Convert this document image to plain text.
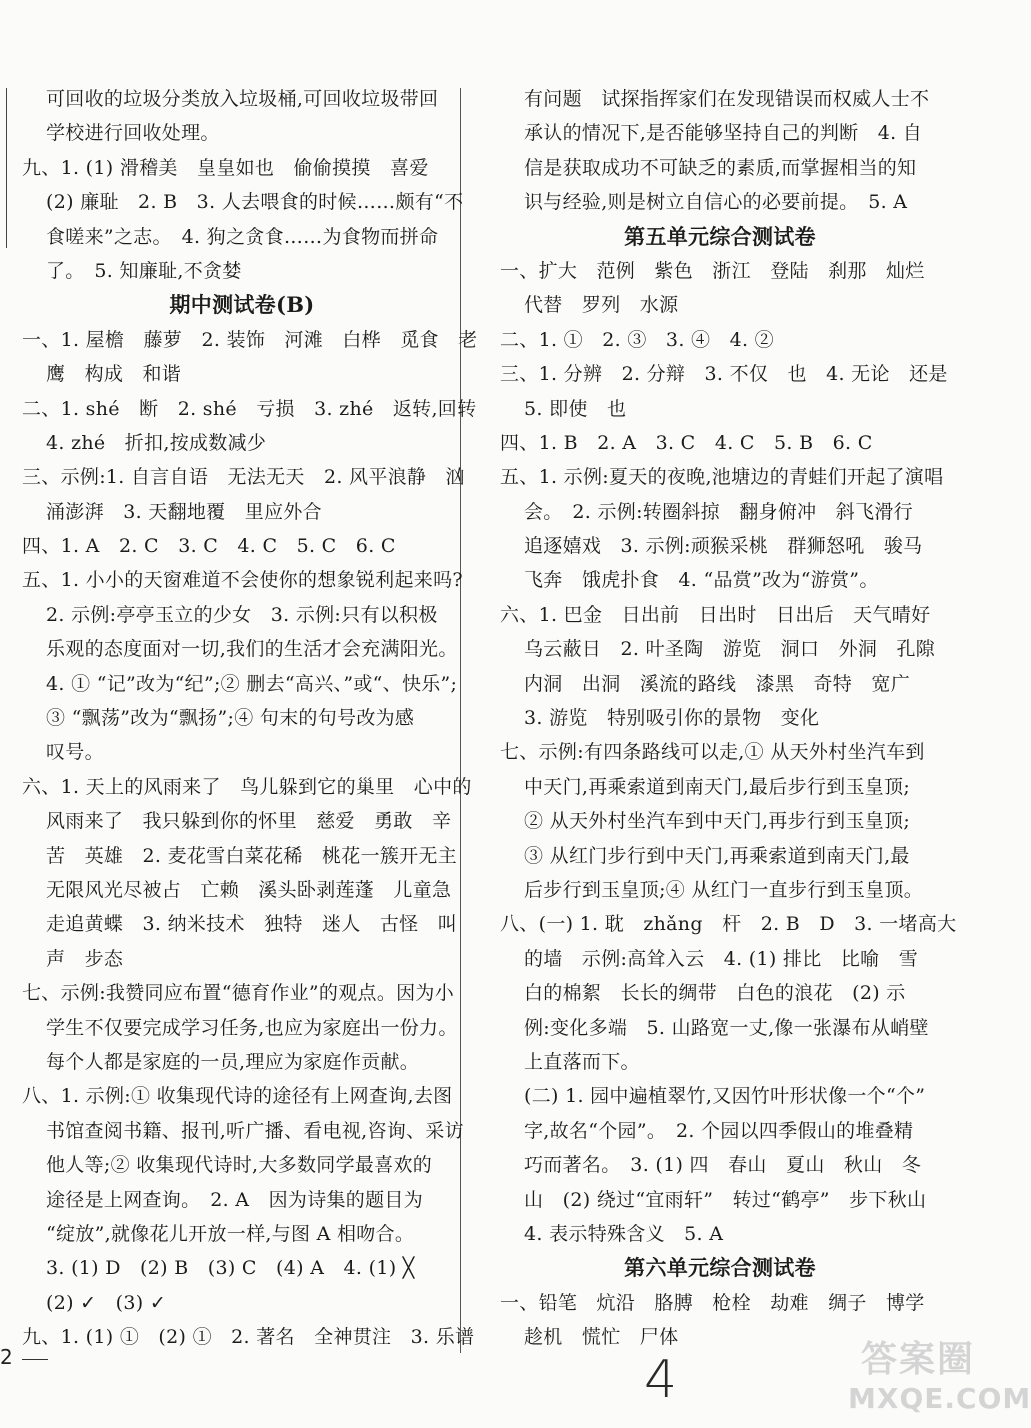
可回收的垃圾分类放入垃圾桶,可回收垃圾带回
学校进行回收处理。
九、1. (1) 滑稽美　皇皇如也　偷偷摸摸　喜爱
(2) 廉耻　2. B　3. 人去喂食的时候……颇有“不
食嗟来”之志。　4. 狗之贪食……为食物而拼命
了。　5. 知廉耻,不贪婪
期中测试卷(B)
一、1. 屋檐　藤萝　2. 装饰　河滩　白桦　觅食　老
鹰　构成　和谐
二、1. shé　断　2. shé　亏损　3. zhé　返转,回转
4. zhé　折扣,按成数减少
三、示例:1. 自言自语　无法无天　2. 风平浪静　汹
涌澎湃　3. 天翻地覆　里应外合
四、1. A　2. C　3. C　4. C　5. C　6. C
五、1. 小小的天窗难道不会使你的想象锐利起来吗?
2. 示例:亭亭玉立的少女　3. 示例:只有以积极
乐观的态度面对一切,我们的生活才会充满阳光。
4. ① “记”改为“纪”;② 删去“高兴、”或“、快乐”;
③ “飘荡”改为“飘扬”;④ 句末的句号改为感
叹号。
六、1. 天上的风雨来了　鸟儿躲到它的巢里　心中的
风雨来了　我只躲到你的怀里　慈爱　勇敢　辛
苦　英雄　2. 麦花雪白菜花稀　桃花一簇开无主
无限风光尽被占　亡赖　溪头卧剥莲蓬　儿童急
走追黄蝶　3. 纳米技术　独特　迷人　古怪　叫
声　步态
七、示例:我赞同应布置“德育作业”的观点。因为小
学生不仅要完成学习任务,也应为家庭出一份力。
每个人都是家庭的一员,理应为家庭作贡献。
八、1. 示例:① 收集现代诗的途径有上网查询,去图
书馆查阅书籍、报刊,听广播、看电视,咨询、采访
他人等;② 收集现代诗时,大多数同学最喜欢的
途径是上网查询。　2. A　因为诗集的题目为
“绽放”,就像花儿开放一样,与图 A 相吻合。
3. (1) D　(2) B　(3) C　(4) A　4. (1) ╳
(2) ✓　(3) ✓
九、1. (1) ①　(2) ①　2. 著名　全神贯注　3. 乐谱
有问题　试探指挥家们在发现错误而权威人士不
承认的情况下,是否能够坚持自己的判断　4. 自
信是获取成功不可缺乏的素质,而掌握相当的知
识与经验,则是树立自信心的必要前提。　5. A
第五单元综合测试卷
一、扩大　范例　紫色　浙江　登陆　刹那　灿烂
代替　罗列　水源
二、1. ①　2. ③　3. ④　4. ②
三、1. 分辨　2. 分辩　3. 不仅　也　4. 无论　还是
5. 即使　也
四、1. B　2. A　3. C　4. C　5. B　6. C
五、1. 示例:夏天的夜晚,池塘边的青蛙们开起了演唱
会。　2. 示例:转圈斜掠　翻身俯冲　斜飞滑行
追逐嬉戏　3. 示例:顽猴采桃　群狮怒吼　骏马
飞奔　饿虎扑食　4. “品赏”改为“游赏”。
六、1. 巴金　日出前　日出时　日出后　天气晴好
乌云蔽日　2. 叶圣陶　游览　洞口　外洞　孔隙
内洞　出洞　溪流的路线　漆黑　奇特　宽广
3. 游览　特别吸引你的景物　变化
七、示例:有四条路线可以走,① 从天外村坐汽车到
中天门,再乘索道到南天门,最后步行到玉皇顶;
② 从天外村坐汽车到中天门,再步行到玉皇顶;
③ 从红门步行到中天门,再乘索道到南天门,最
后步行到玉皇顶;④ 从红门一直步行到玉皇顶。
八、(一) 1. 耽　zhǎng　杆　2. B　D　3. 一堵高大
的墙　示例:高耸入云　4. (1) 排比　比喻　雪
白的棉絮　长长的绸带　白色的浪花　(2) 示
例:变化多端　5. 山路宽一丈,像一张瀑布从峭壁
上直落而下。
(二) 1. 园中遍植翠竹,又因竹叶形状像一个“个”
字,故名“个园”。　2. 个园以四季假山的堆叠精
巧而著名。　3. (1) 四　春山　夏山　秋山　冬
山　(2) 绕过“宜雨轩”　转过“鹤亭”　步下秋山
4. 表示特殊含义　5. A
第六单元综合测试卷
一、铅笔　炕沿　胳膊　枪栓　劫难　绸子　博学
趁机　慌忙　尸体
2	4	答案圈
MXQE.COM
